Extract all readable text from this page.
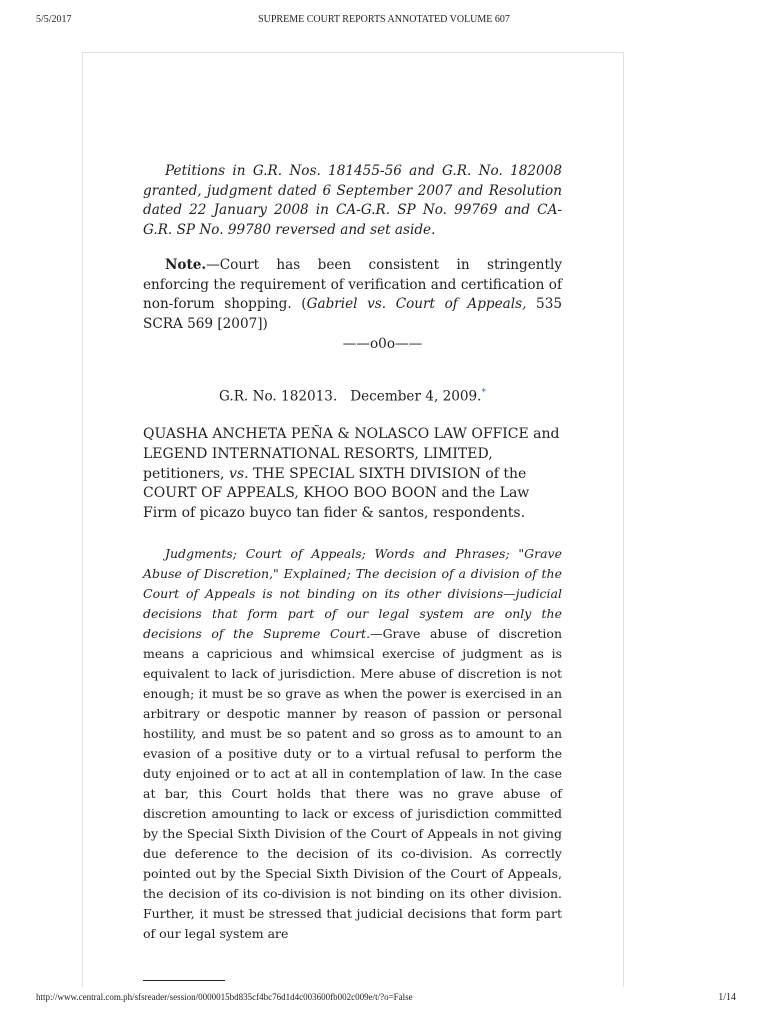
5/5/2017	SUPREME COURT REPORTS ANNOTATED VOLUME 607

Petitions in G.R. Nos. 181455-56 and G.R. No. 182008 granted, judgment dated 6 September 2007 and Resolution dated 22 January 2008 in CA-G.R. SP No. 99769 and CA-G.R. SP No. 99780 reversed and set aside.

Note.—Court has been consistent in stringently enforcing the requirement of verification and certification of non-forum shopping. (Gabriel vs. Court of Appeals, 535 SCRA 569 [2007])

——o0o——

G.R. No. 182013.   December 4, 2009.*

QUASHA ANCHETA PEÑA & NOLASCO LAW OFFICE and LEGEND INTERNATIONAL RESORTS, LIMITED, petitioners, vs. THE SPECIAL SIXTH DIVISION of the COURT OF APPEALS, KHOO BOO BOON and the Law Firm of picazo buyco tan fider & santos, respondents.

Judgments; Court of Appeals; Words and Phrases; "Grave Abuse of Discretion," Explained; The decision of a division of the Court of Appeals is not binding on its other divisions—judicial decisions that form part of our legal system are only the decisions of the Supreme Court.—Grave abuse of discretion means a capricious and whimsical exercise of judgment as is equivalent to lack of jurisdiction. Mere abuse of discretion is not enough; it must be so grave as when the power is exercised in an arbitrary or despotic manner by reason of passion or personal hostility, and must be so patent and so gross as to amount to an evasion of a positive duty or to a virtual refusal to perform the duty enjoined or to act at all in contemplation of law. In the case at bar, this Court holds that there was no grave abuse of discretion amounting to lack or excess of jurisdiction committed by the Special Sixth Division of the Court of Appeals in not giving due deference to the decision of its co-division. As correctly pointed out by the Special Sixth Division of the Court of Appeals, the decision of its co-division is not binding on its other division. Further, it must be stressed that judicial decisions that form part of our legal system are

http://www.central.com.ph/sfsreader/session/0000015bd835cf4bc76d1d4c003600fb002c009e/t/?o=False	1/14
